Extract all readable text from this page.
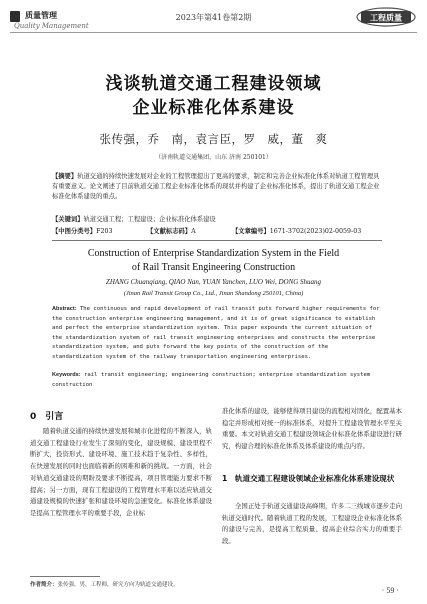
质量管理
Quality Management
2023年第41卷第2期	工程质量
浅谈轨道交通工程建设领域
企业标准化体系建设
张传强，乔　南，袁言臣，罗　威，董　爽
（济南轨道交通集团，山东 济南 250101）

【摘要】轨道交通的持续快速发展对企业的工程管理提出了更高的要求，制定和完善企业标准化体系对轨道工程管理具有重要意义。论文阐述了目前轨道交通工程企业标准化体系的现状并构建了企业标准化体系，提出了轨道交通工程企业标准化体系建设的重点。

【关键词】轨道交通工程；工程建设；企业标准化体系建设
【中图分类号】F203	【文献标志码】A	【文章编号】1671-3702(2023)02-0059-03
Construction of Enterprise Standardization System in the Field
of Rail Transit Engineering Construction
ZHANG Chuanqiang, QIAO Nan, YUAN Yanchen, LUO Wei, DONG Shuang
(Jinan Rail Transit Group Co., Ltd., Jinan Shandong 250101, China)

Abstract: The continuous and rapid development of rail transit puts forward higher requirements for the construction enterprise engineering management, and it is of great significance to establish and perfect the enterprise standardization system. This paper expounds the current situation of the standardization system of rail transit engineering enterprises and constructs the enterprise standardization system, and puts forward the key points of the construction of the standardization system of the railway transportation engineering enterprises.

Keywords: rail transit engineering; engineering construction; enterprise standardization system construction
0　引言

随着轨道交通的持续快速发展和城市化进程的不断深入，轨道交通工程建设行业发生了深刻的变化，建设规模、建设里程不断扩大，投资形式、建设环境、施工技术趋于复杂性、多样性，在快速发展的同时也面临着新的困难和新的挑战。一方面，社会对轨道交通建设的期盼及要求不断提高，项目管理能力要求不断提高；另一方面，现有工程建设的工程管理水平难以适应轨道交通建设规模的快速扩张和建设环境的急速变化。标准化体系建设是提高工程管理水平的重要手段，企业标

准化体系的建设，能够使得项目建设的流程相对固化，配置基本稳定并形成相对统一的标准体系，对提升工程建设管理水平至关重要。本文对轨道交通工程建设领域企业标准化体系建设进行研究，构建合理的标准化体系及体系建设的重点内容。

1　轨道交通工程建设领域企业标准化体系建设现状

全国正处于轨道交通建设高峰期，许多二三线城市逐步走向轨道交通时代。随着轨道工程的发展，工程建设企业标准化体系的建设与完善，是提高工程质量、提高企业综合实力的重要手段。

作者简介：张传强，男，工程师，研究方向为轨道交通建设。
· 59 ·
